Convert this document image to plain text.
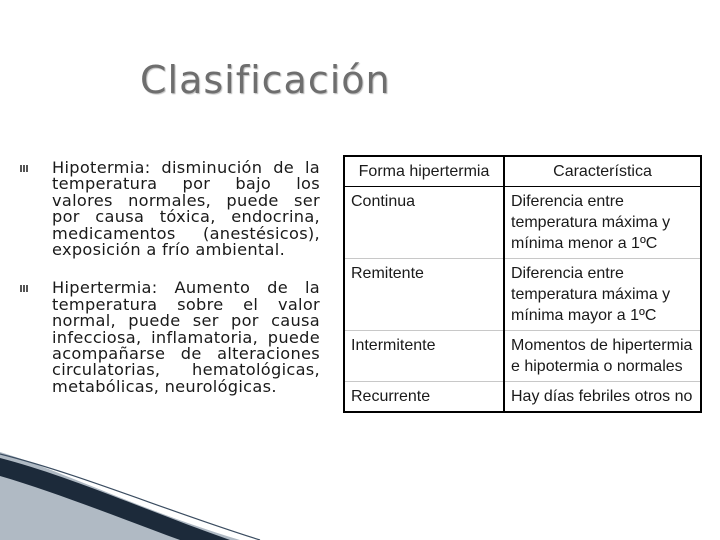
Clasificación
Hipotermia: disminución de la temperatura por bajo los valores normales, puede ser por causa tóxica, endocrina, medicamentos (anestésicos), exposición a frío ambiental.
Hipertermia: Aumento de la temperatura sobre el valor normal, puede ser por causa infecciosa, inflamatoria, puede acompañarse de alteraciones circulatorias, hematológicas, metabólicas, neurológicas.
Forma hipertermia	Característica
Continua	Diferencia entre temperatura máxima y mínima menor a 1ºC
Remitente	Diferencia entre temperatura máxima y mínima mayor a 1ºC
Intermitente	Momentos de hipertermia e hipotermia o normales
Recurrente	Hay días febriles otros no
